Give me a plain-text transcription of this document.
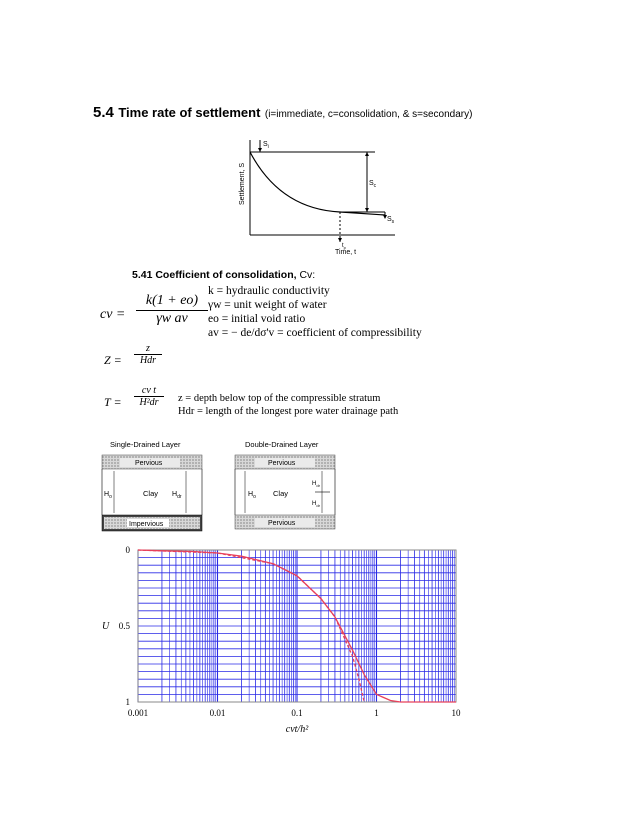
5.4 Time rate of settlement (i=immediate, c=consolidation, & s=secondary)
Settlement, S
Time, t
$S_i$
$S_c$
$S_s$
$t_p$
5.41 Coefficient of consolidation, Cv:
k = hydraulic conductivity
γw = unit weight of water
eo = initial void ratio
av = − de/dσ'v = coefficient of compressibility
cv = $\frac{k(1 + eo)}{\text{γw av}}$
Z =
z
Hdr
$T = \frac{\text{cv t}}{\text{H²dr}}$ z = depth below top of the compressible stratum
Hdr = length of the longest pore water drainage path
Single-Drained Layer	Double-Drained Layer
Pervious
Impervious
Clay
$H_o$	$H_{dr}$
Pervious
Pervious
Clay
$H_o$
$H_{dr}$
$H_{dr}$
0.001	0.01	0.1	1	10
0
0.5
1
cvt/h²
U
